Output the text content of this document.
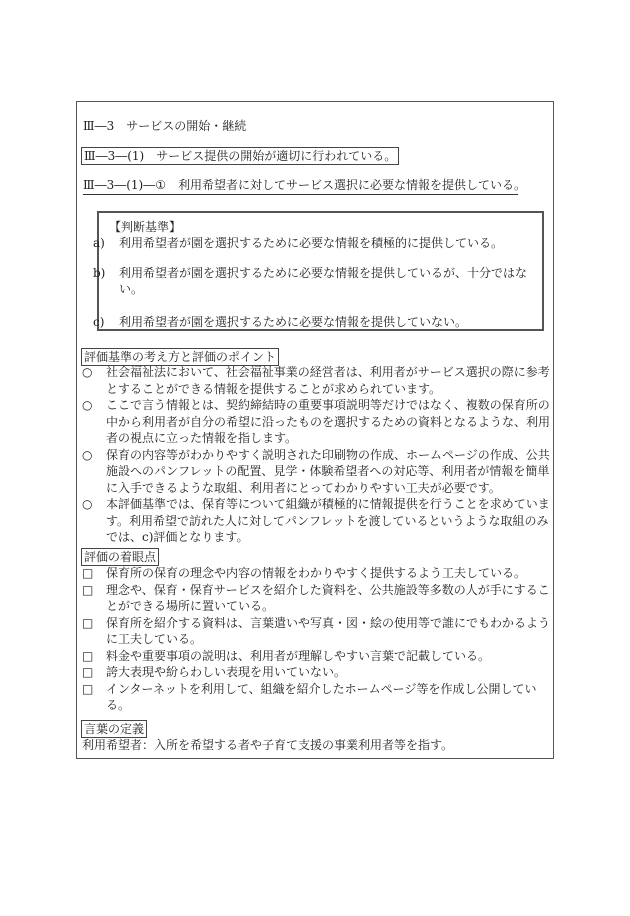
Ⅲ―3　サービスの開始・継続
Ⅲ―3―(1)　サービス提供の開始が適切に行われている。
Ⅲ―3―(1)―①　利用希望者に対してサービス選択に必要な情報を提供している。
【判断基準】
a)	利用希望者が園を選択するために必要な情報を積極的に提供している。
b)	利用希望者が園を選択するために必要な情報を提供しているが、十分ではな
い。
c)	利用希望者が園を選択するために必要な情報を提供していない。
評価基準の考え方と評価のポイント
○	社会福祉法において、社会福祉事業の経営者は、利用者がサービス選択の際に参考
とすることができる情報を提供することが求められています。
○	ここで言う情報とは、契約締結時の重要事項説明等だけではなく、複数の保育所の
中から利用者が自分の希望に沿ったものを選択するための資料となるような、利用
者の視点に立った情報を指します。
○	保育の内容等がわかりやすく説明された印刷物の作成、ホームページの作成、公共
施設へのパンフレットの配置、見学・体験希望者への対応等、利用者が情報を簡単
に入手できるような取組、利用者にとってわかりやすい工夫が必要です。
○	本評価基準では、保育等について組織が積極的に情報提供を行うことを求めていま
す。利用希望で訪れた人に対してパンフレットを渡しているというような取組のみ
では、c)評価となります。
評価の着眼点
□	保育所の保育の理念や内容の情報をわかりやすく提供するよう工夫している。
□	理念や、保育・保育サービスを紹介した資料を、公共施設等多数の人が手にするこ
とができる場所に置いている。
□	保育所を紹介する資料は、言葉遣いや写真・図・絵の使用等で誰にでもわかるよう
に工夫している。
□	料金や重要事項の説明は、利用者が理解しやすい言葉で記載している。
□	誇大表現や紛らわしい表現を用いていない。
□	インターネットを利用して、組織を紹介したホームページ等を作成し公開してい
る。
言葉の定義
利用希望者：入所を希望する者や子育て支援の事業利用者等を指す。
